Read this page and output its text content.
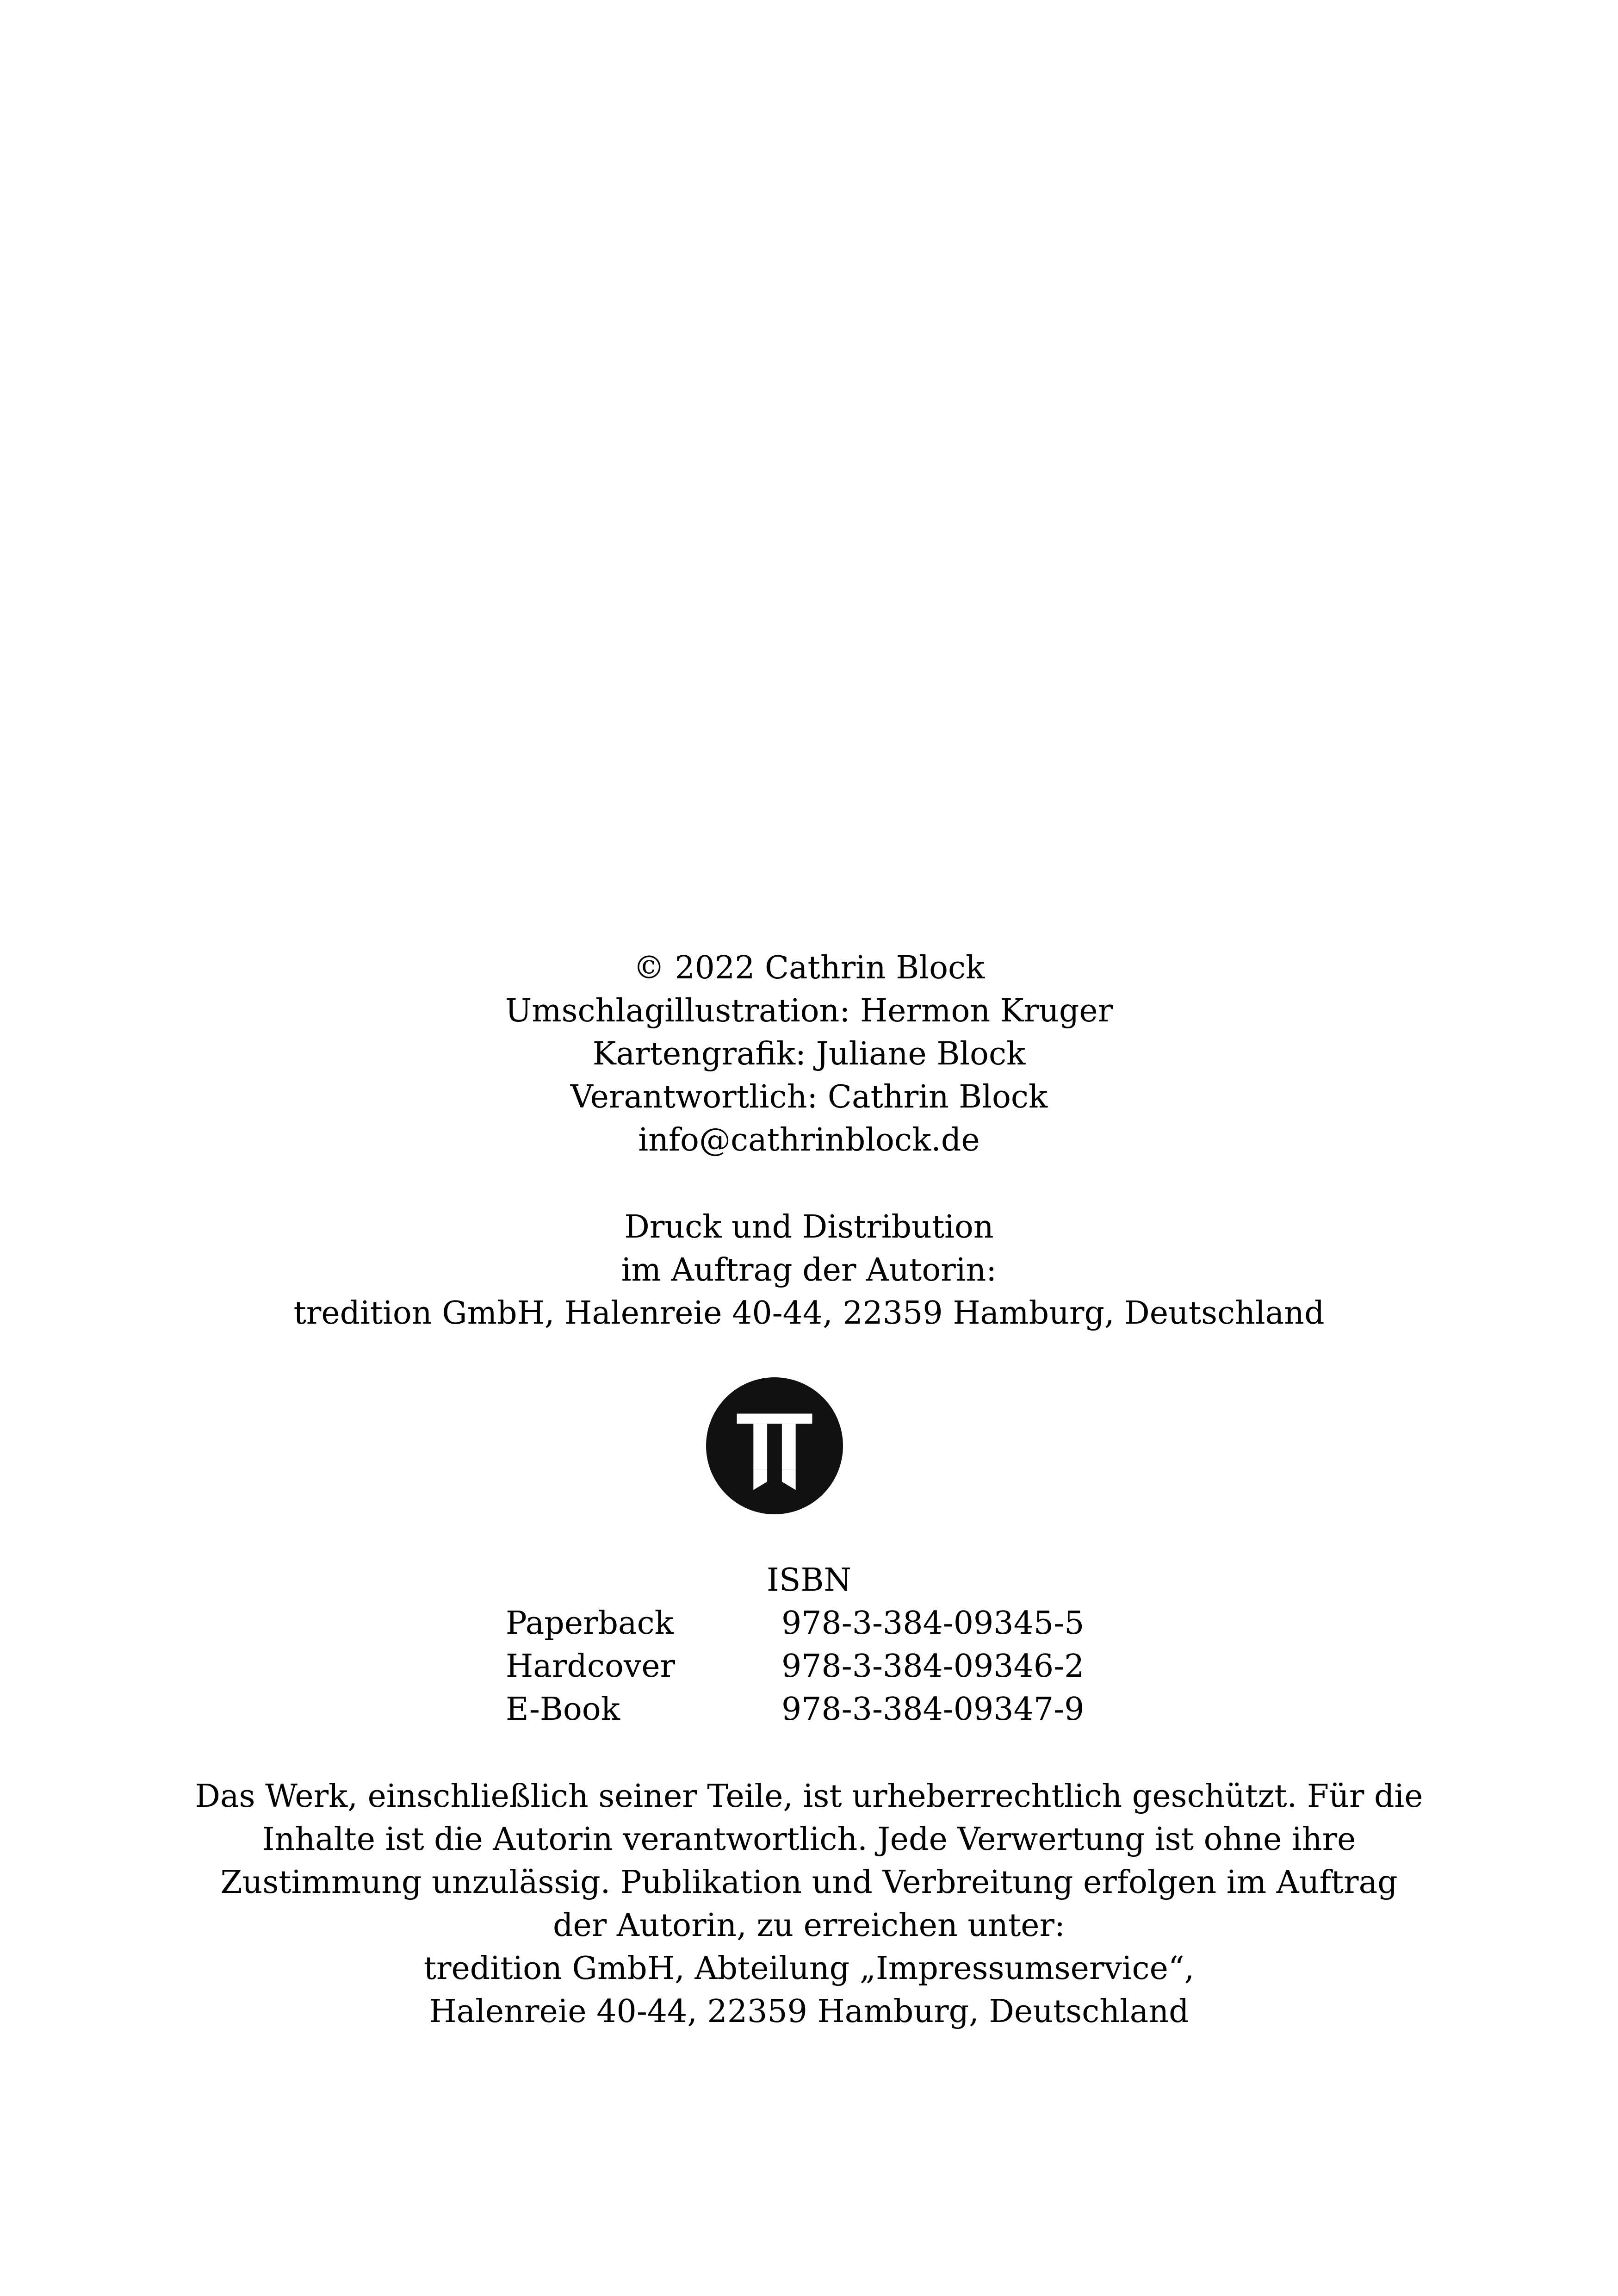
© 2022 Cathrin Block
Umschlagillustration: Hermon Kruger
Kartengrafik: Juliane Block
Verantwortlich: Cathrin Block
info@cathrinblock.de
Druck und Distribution
im Auftrag der Autorin:
tredition GmbH, Halenreie 40-44, 22359 Hamburg, Deutschland
ISBN
Paperback	978-3-384-09345-5
Hardcover	978-3-384-09346-2
E-Book	978-3-384-09347-9
Das Werk, einschließlich seiner Teile, ist urheberrechtlich geschützt. Für die
Inhalte ist die Autorin verantwortlich. Jede Verwertung ist ohne ihre
Zustimmung unzulässig. Publikation und Verbreitung erfolgen im Auftrag
der Autorin, zu erreichen unter:
tredition GmbH, Abteilung „Impressumservice“,
Halenreie 40-44, 22359 Hamburg, Deutschland
